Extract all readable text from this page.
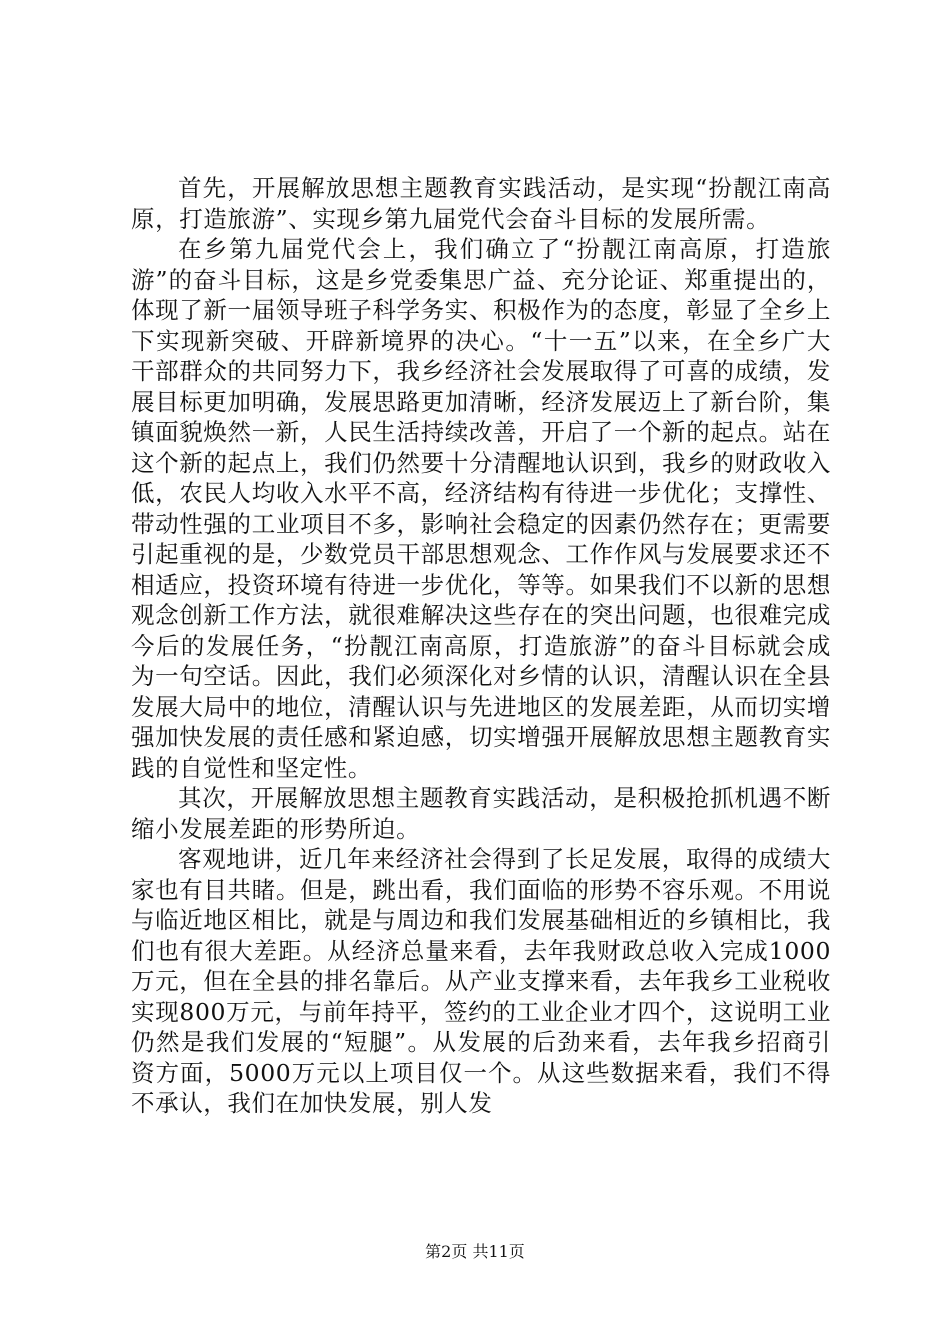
首先，开展解放思想主题教育实践活动，是实现“扮靓江南高原，打造旅游”、实现乡第九届党代会奋斗目标的发展所需。

在乡第九届党代会上，我们确立了“扮靓江南高原，打造旅游”的奋斗目标，这是乡党委集思广益、充分论证、郑重提出的，体现了新一届领导班子科学务实、积极作为的态度，彰显了全乡上下实现新突破、开辟新境界的决心。“十一五”以来，在全乡广大干部群众的共同努力下，我乡经济社会发展取得了可喜的成绩，发展目标更加明确，发展思路更加清晰，经济发展迈上了新台阶，集镇面貌焕然一新，人民生活持续改善，开启了一个新的起点。站在这个新的起点上，我们仍然要十分清醒地认识到，我乡的财政收入低，农民人均收入水平不高，经济结构有待进一步优化；支撑性、带动性强的工业项目不多，影响社会稳定的因素仍然存在；更需要引起重视的是，少数党员干部思想观念、工作作风与发展要求还不相适应，投资环境有待进一步优化，等等。如果我们不以新的思想观念创新工作方法，就很难解决这些存在的突出问题，也很难完成今后的发展任务，“扮靓江南高原，打造旅游”的奋斗目标就会成为一句空话。因此，我们必须深化对乡情的认识，清醒认识在全县发展大局中的地位，清醒认识与先进地区的发展差距，从而切实增强加快发展的责任感和紧迫感，切实增强开展解放思想主题教育实践的自觉性和坚定性。

其次，开展解放思想主题教育实践活动，是积极抢抓机遇不断缩小发展差距的形势所迫。

客观地讲，近几年来经济社会得到了长足发展，取得的成绩大家也有目共睹。但是，跳出看，我们面临的形势不容乐观。不用说与临近地区相比，就是与周边和我们发展基础相近的乡镇相比，我们也有很大差距。从经济总量来看，去年我财政总收入完成1000万元，但在全县的排名靠后。从产业支撑来看，去年我乡工业税收实现800万元，与前年持平，签约的工业企业才四个，这说明工业仍然是我们发展的“短腿”。从发展的后劲来看，去年我乡招商引资方面，5000万元以上项目仅一个。从这些数据来看，我们不得不承认，我们在加快发展，别人发

第2页 共11页
